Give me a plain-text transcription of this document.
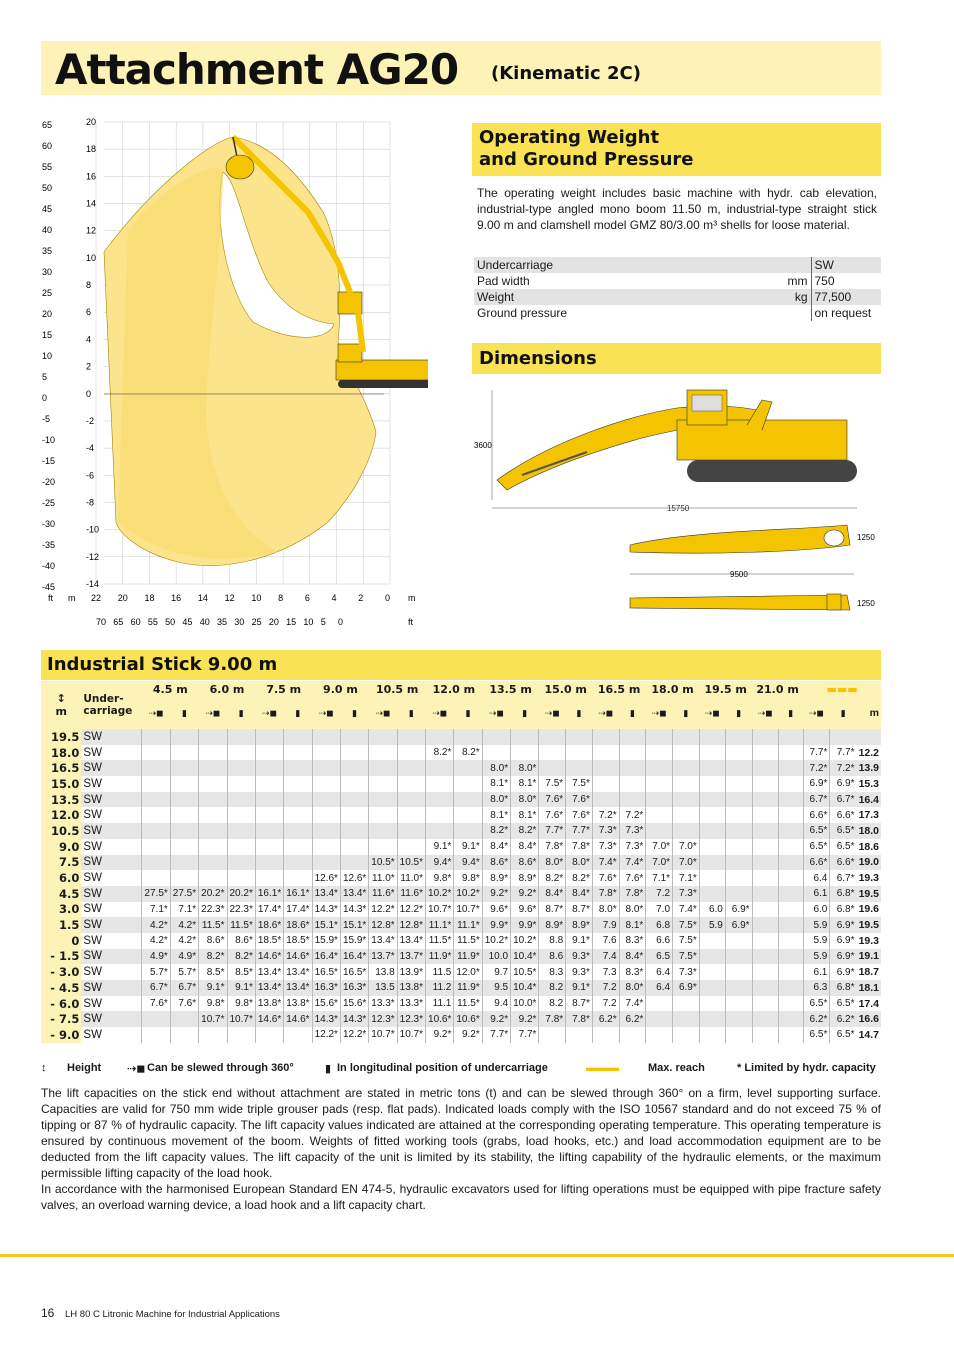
Attachment AG20 (Kinematic 2C)
20
18
16
14
12
10
8
6
4
2
0
-2
-4
-6
-8
-10
-12
-14
22 20 18 16 14 12 10 8 6 4 2 0
65
60
55
50
45
40
35
30
25
20
15
10
5
0
-5
-10
-15
-20
-25
-30
-35
-40
-45
70 65 60 55 50 45 40 35 30 25 20 15 10 5 0
ft m	m
ft
Operating Weight
and Ground Pressure
The operating weight includes basic machine with hydr. cab elevation, industrial-type angled mono boom 11.50 m, industrial-type straight stick 9.00 m and clamshell model GMZ 80/3.00 m³ shells for loose material.
Undercarriage		SW
Pad width	mm	750
Weight	kg	77,500
Ground pressure		on request
Dimensions
3600
15750
9500
1250
1250
Industrial Stick 9.00 m
↕
m	Under-
carriage	4.5 m		6.0 m		7.5 m		9.0 m		10.5 m		12.0 m		13.5 m		15.0 m		16.5 m		18.0 m		19.5 m		21.0 m		▬▬▬		
		⇢◼	▮	⇢◼	▮	⇢◼	▮	⇢◼	▮	⇢◼	▮	⇢◼	▮	⇢◼	▮	⇢◼	▮	⇢◼	▮	⇢◼	▮	⇢◼	▮	⇢◼	▮	⇢◼	▮	m
19.5	SW																											
18.0	SW											8.2*	8.2*													7.7*	7.7*	12.2
16.5	SW													8.0*	8.0*											7.2*	7.2*	13.9
15.0	SW													8.1*	8.1*	7.5*	7.5*									6.9*	6.9*	15.3
13.5	SW													8.0*	8.0*	7.6*	7.6*									6.7*	6.7*	16.4
12.0	SW													8.1*	8.1*	7.6*	7.6*	7.2*	7.2*							6.6*	6.6*	17.3
10.5	SW													8.2*	8.2*	7.7*	7.7*	7.3*	7.3*							6.5*	6.5*	18.0
9.0	SW											9.1*	9.1*	8.4*	8.4*	7.8*	7.8*	7.3*	7.3*	7.0*	7.0*					6.5*	6.5*	18.6
7.5	SW									10.5*	10.5*	9.4*	9.4*	8.6*	8.6*	8.0*	8.0*	7.4*	7.4*	7.0*	7.0*					6.6*	6.6*	19.0
6.0	SW							12.6*	12.6*	11.0*	11.0*	9.8*	9.8*	8.9*	8.9*	8.2*	8.2*	7.6*	7.6*	7.1*	7.1*					6.4	6.7*	19.3
4.5	SW	27.5*	27.5*	20.2*	20.2*	16.1*	16.1*	13.4*	13.4*	11.6*	11.6*	10.2*	10.2*	9.2*	9.2*	8.4*	8.4*	7.8*	7.8*	7.2	7.3*					6.1	6.8*	19.5
3.0	SW	7.1*	7.1*	22.3*	22.3*	17.4*	17.4*	14.3*	14.3*	12.2*	12.2*	10.7*	10.7*	9.6*	9.6*	8.7*	8.7*	8.0*	8.0*	7.0	7.4*	6.0	6.9*			6.0	6.8*	19.6
1.5	SW	4.2*	4.2*	11.5*	11.5*	18.6*	18.6*	15.1*	15.1*	12.8*	12.8*	11.1*	11.1*	9.9*	9.9*	8.9*	8.9*	7.9	8.1*	6.8	7.5*	5.9	6.9*			5.9	6.9*	19.5
0	SW	4.2*	4.2*	8.6*	8.6*	18.5*	18.5*	15.9*	15.9*	13.4*	13.4*	11.5*	11.5*	10.2*	10.2*	8.8	9.1*	7.6	8.3*	6.6	7.5*					5.9	6.9*	19.3
- 1.5	SW	4.9*	4.9*	8.2*	8.2*	14.6*	14.6*	16.4*	16.4*	13.7*	13.7*	11.9*	11.9*	10.0	10.4*	8.6	9.3*	7.4	8.4*	6.5	7.5*					5.9	6.9*	19.1
- 3.0	SW	5.7*	5.7*	8.5*	8.5*	13.4*	13.4*	16.5*	16.5*	13.8	13.9*	11.5	12.0*	9.7	10.5*	8.3	9.3*	7.3	8.3*	6.4	7.3*					6.1	6.9*	18.7
- 4.5	SW	6.7*	6.7*	9.1*	9.1*	13.4*	13.4*	16.3*	16.3*	13.5	13.8*	11.2	11.9*	9.5	10.4*	8.2	9.1*	7.2	8.0*	6.4	6.9*					6.3	6.8*	18.1
- 6.0	SW	7.6*	7.6*	9.8*	9.8*	13.8*	13.8*	15.6*	15.6*	13.3*	13.3*	11.1	11.5*	9.4	10.0*	8.2	8.7*	7.2	7.4*							6.5*	6.5*	17.4
- 7.5	SW			10.7*	10.7*	14.6*	14.6*	14.3*	14.3*	12.3*	12.3*	10.6*	10.6*	9.2*	9.2*	7.8*	7.8*	6.2*	6.2*							6.2*	6.2*	16.6
- 9.0	SW							12.2*	12.2*	10.7*	10.7*	9.2*	9.2*	7.7*	7.7*											6.5*	6.5*	14.7
↕ Height ⇢◼ Can be slewed through 360°	▮ In longitudinal position of undercarriage	▬▬▬	Max. reach	* Limited by hydr. capacity

The lift capacities on the stick end without attachment are stated in metric tons (t) and can be slewed through 360° on a firm, level supporting surface. Capacities are valid for 750 mm wide triple grouser pads (resp. flat pads). Indicated loads comply with the ISO 10567 standard and do not exceed 75 % of tipping or 87 % of hydraulic capacity. The lift capacity values indicated are attained at the corresponding operating temperature. This operating temperature is ensured by continuous movement of the boom. Weights of fitted working tools (grabs, load hooks, etc.) and load accommodation equipment are to be deducted from the lift capacity values. The lift capacity of the unit is limited by its stability, the lifting capability of the hydraulic elements, or the maximum permissible lifting capacity of the load hook.

In accordance with the harmonised European Standard EN 474-5, hydraulic excavators used for lifting operations must be equipped with pipe fracture safety valves, an overload warning device, a load hook and a lift capacity chart.

16 LH 80 C Litronic Machine for Industrial Applications
